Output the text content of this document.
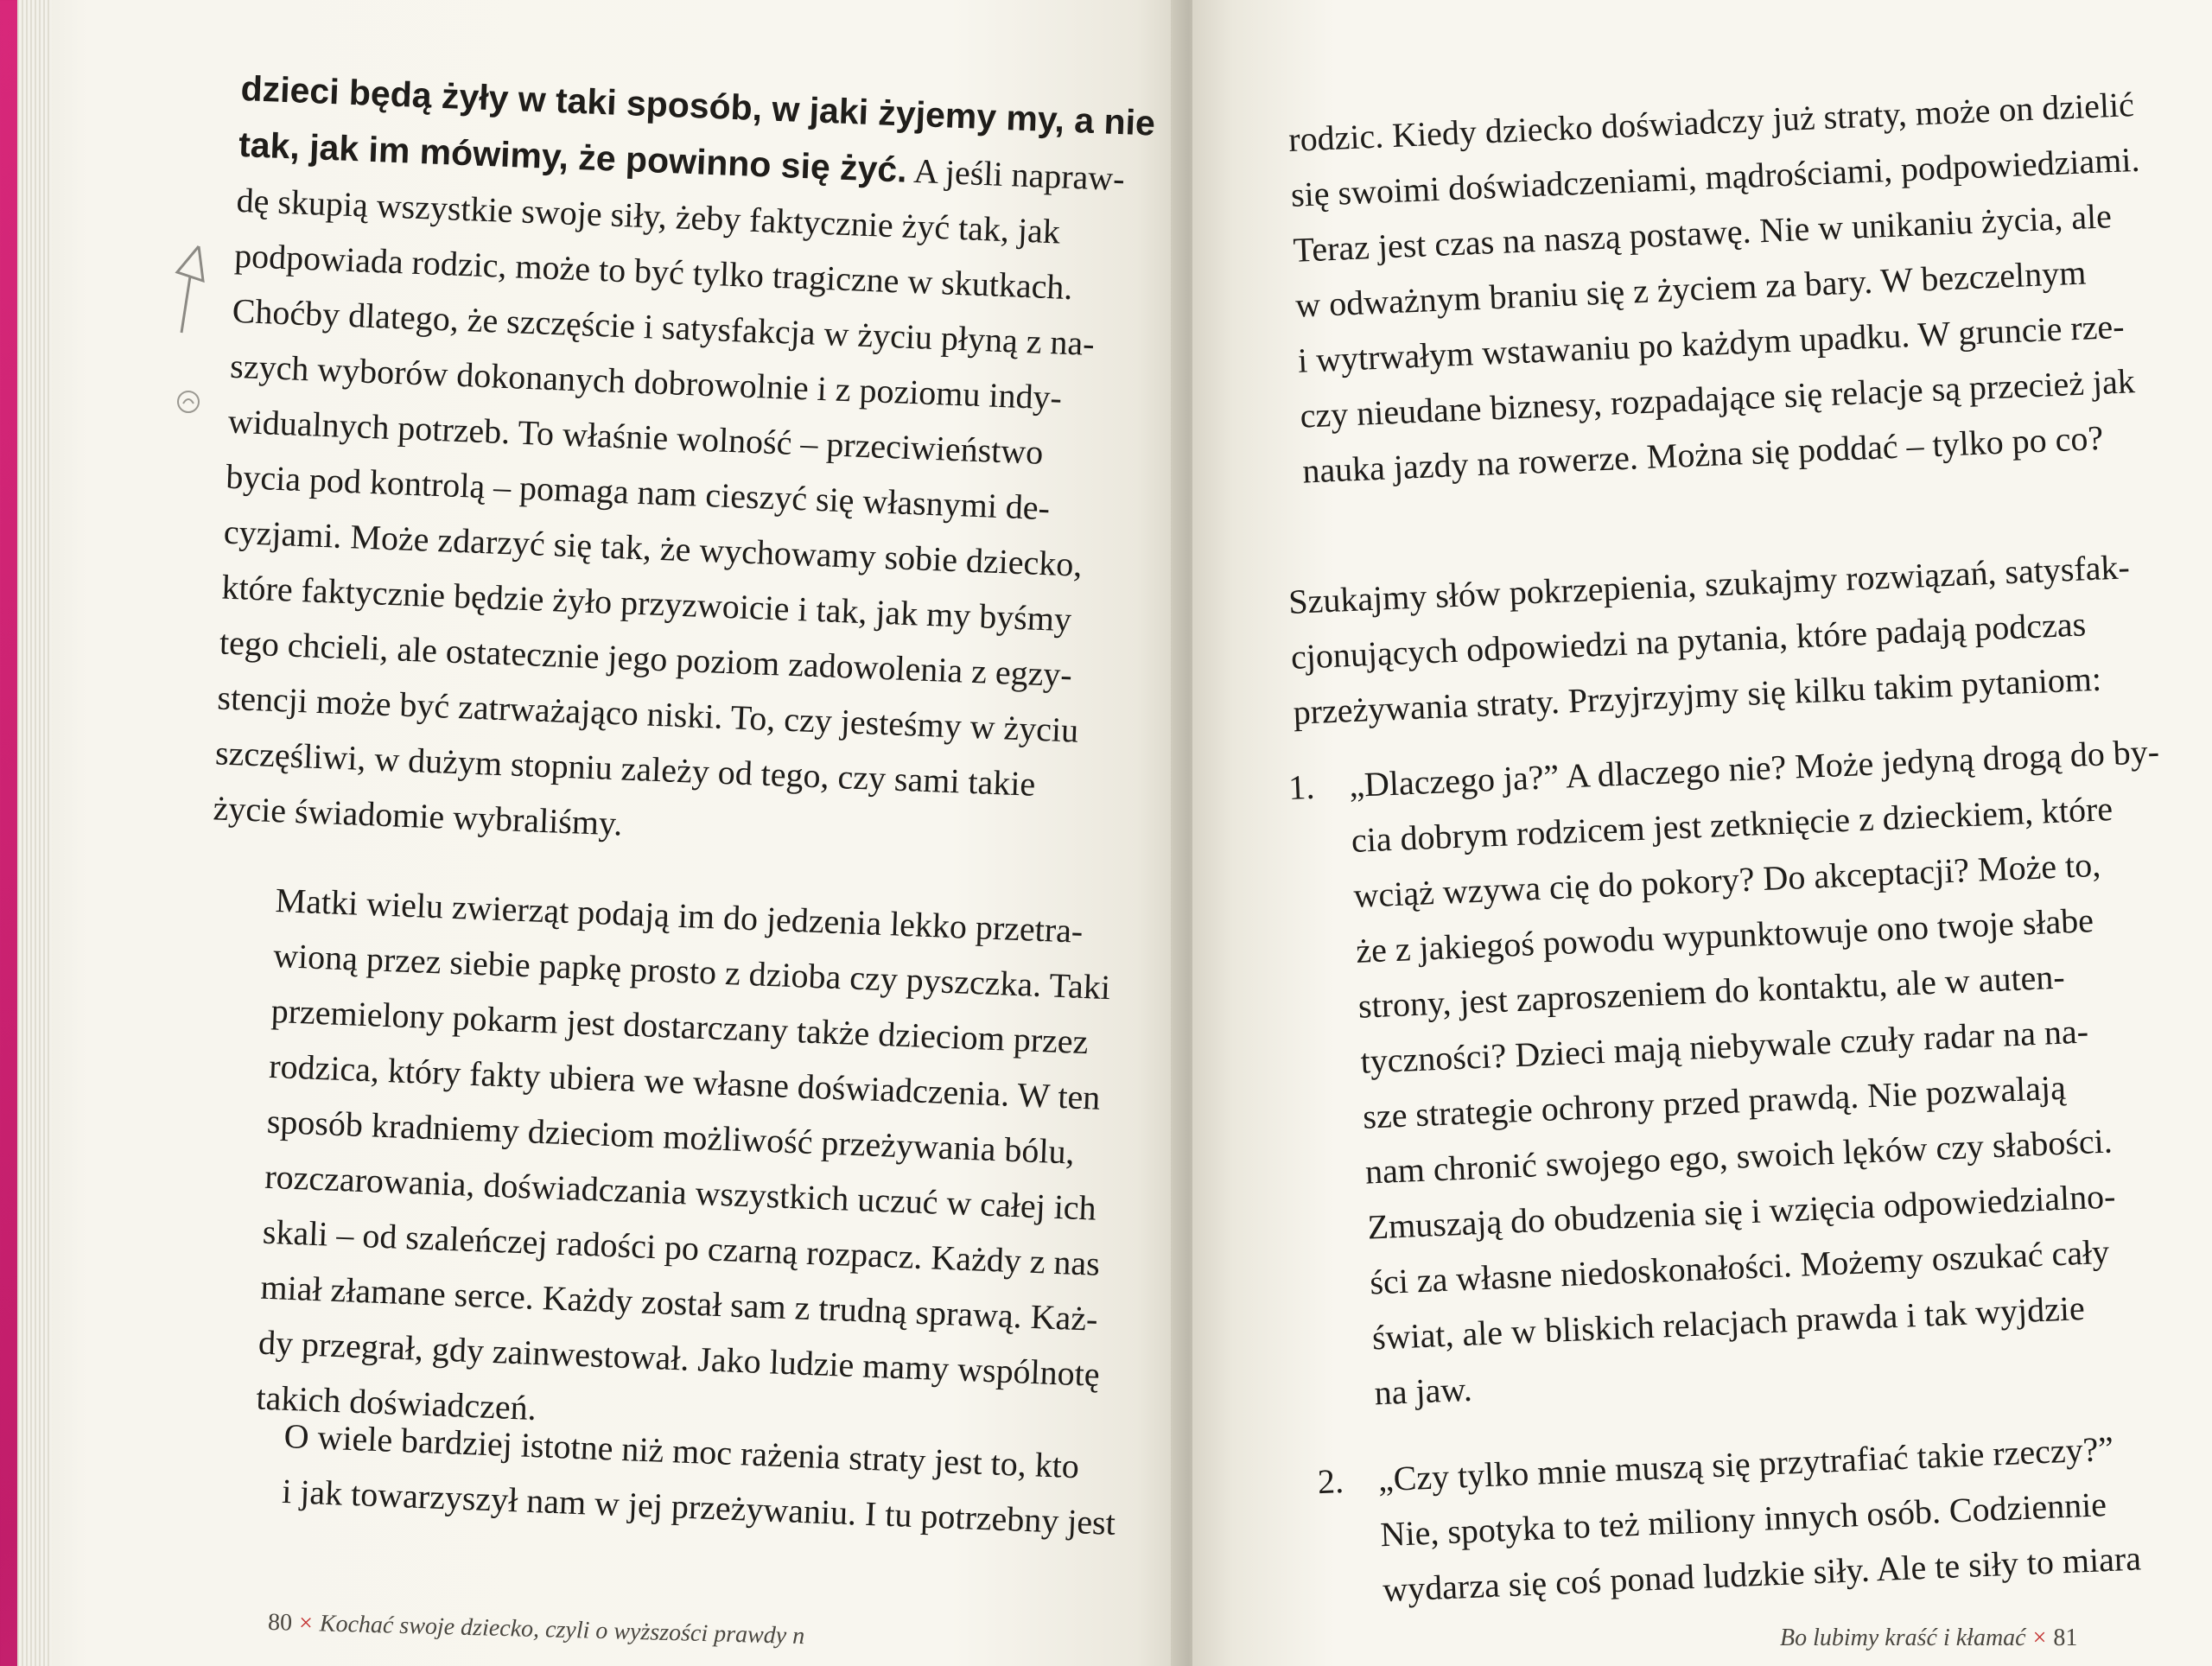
dzieci będą żyły w taki sposób, w jaki żyjemy my, a nie
tak, jak im mówimy, że powinno się żyć. A jeśli napraw-
dę skupią wszystkie swoje siły, żeby faktycznie żyć tak, jak
podpowiada rodzic, może to być tylko tragiczne w skutkach.
Choćby dlatego, że szczęście i satysfakcja w życiu płyną z na-
szych wyborów dokonanych dobrowolnie i z poziomu indy-
widualnych potrzeb. To właśnie wolność – przeciwieństwo
bycia pod kontrolą – pomaga nam cieszyć się własnymi de-
cyzjami. Może zdarzyć się tak, że wychowamy sobie dziecko,
które faktycznie będzie żyło przyzwoicie i tak, jak my byśmy
tego chcieli, ale ostatecznie jego poziom zadowolenia z egzy-
stencji może być zatrważająco niski. To, czy jesteśmy w życiu
szczęśliwi, w dużym stopniu zależy od tego, czy sami takie
życie świadomie wybraliśmy.
Matki wielu zwierząt podają im do jedzenia lekko przetra-
wioną przez siebie papkę prosto z dzioba czy pyszczka. Taki
przemielony pokarm jest dostarczany także dzieciom przez
rodzica, który fakty ubiera we własne doświadczenia. W ten
sposób kradniemy dzieciom możliwość przeżywania bólu,
rozczarowania, doświadczania wszystkich uczuć w całej ich
skali – od szaleńczej radości po czarną rozpacz. Każdy z nas
miał złamane serce. Każdy został sam z trudną sprawą. Każ-
dy przegrał, gdy zainwestował. Jako ludzie mamy wspólnotę
takich doświadczeń.
O wiele bardziej istotne niż moc rażenia straty jest to, kto
i jak towarzyszył nam w jej przeżywaniu. I tu potrzebny jest
80 × Kochać swoje dziecko, czyli o wyższości prawdy n
rodzic. Kiedy dziecko doświadczy już straty, może on dzielić
się swoimi doświadczeniami, mądrościami, podpowiedziami.
Teraz jest czas na naszą postawę. Nie w unikaniu życia, ale
w odważnym braniu się z życiem za bary. W bezczelnym
i wytrwałym wstawaniu po każdym upadku. W gruncie rze-
czy nieudane biznesy, rozpadające się relacje są przecież jak
nauka jazdy na rowerze. Można się poddać – tylko po co?
Szukajmy słów pokrzepienia, szukajmy rozwiązań, satysfak-
cjonujących odpowiedzi na pytania, które padają podczas
przeżywania straty. Przyjrzyjmy się kilku takim pytaniom:
1. „Dlaczego ja?” A dlaczego nie? Może jedyną drogą do by-
cia dobrym rodzicem jest zetknięcie z dzieckiem, które
wciąż wzywa cię do pokory? Do akceptacji? Może to,
że z jakiegoś powodu wypunktowuje ono twoje słabe
strony, jest zaproszeniem do kontaktu, ale w auten-
tyczności? Dzieci mają niebywale czuły radar na na-
sze strategie ochrony przed prawdą. Nie pozwalają
nam chronić swojego ego, swoich lęków czy słabości.
Zmuszają do obudzenia się i wzięcia odpowiedzialno-
ści za własne niedoskonałości. Możemy oszukać cały
świat, ale w bliskich relacjach prawda i tak wyjdzie
na jaw.
2. „Czy tylko mnie muszą się przytrafiać takie rzeczy?”
Nie, spotyka to też miliony innych osób. Codziennie
wydarza się coś ponad ludzkie siły. Ale te siły to miara
Bo lubimy kraść i kłamać × 81
